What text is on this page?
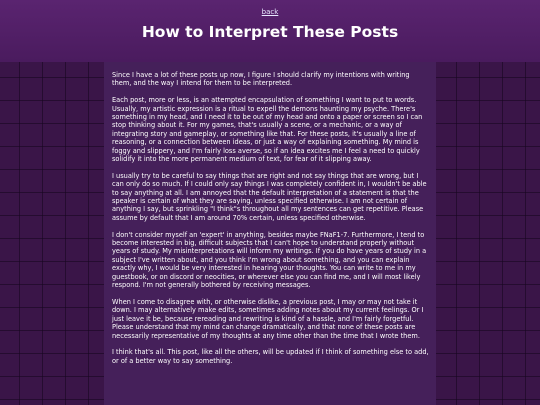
back
How to Interpret These Posts

Since I have a lot of these posts up now, I figure I should clarify my intentions with writing them, and the way I intend for them to be interpreted.

Each post, more or less, is an attempted encapsulation of something I want to put to words. Usually, my artistic expression is a ritual to expell the demons haunting my psyche. There's something in my head, and I need it to be out of my head and onto a paper or screen so I can stop thinking about it. For my games, that's usually a scene, or a mechanic, or a way of integrating story and gameplay, or something like that. For these posts, it's usually a line of reasoning, or a connection between ideas, or just a way of explaining something. My mind is foggy and slippery, and I'm fairly loss averse, so if an idea excites me I feel a need to quickly solidify it into the more permanent medium of text, for fear of it slipping away.

I usually try to be careful to say things that are right and not say things that are wrong, but I can only do so much. If I could only say things I was completely confident in, I wouldn't be able to say anything at all. I am annoyed that the default interpretation of a statement is that the speaker is certain of what they are saying, unless specified otherwise. I am not certain of anything I say, but sprinkling "I think"s throughout all my sentences can get repetitive. Please assume by default that I am around 70% certain, unless specified otherwise.

I don't consider myself an 'expert' in anything, besides maybe FNaF1-7. Furthermore, I tend to become interested in big, difficult subjects that I can't hope to understand properly without years of study. My misinterpretations will inform my writings. If you do have years of study in a subject I've written about, and you think I'm wrong about something, and you can explain exactly why, I would be very interested in hearing your thoughts. You can write to me in my guestbook, or on discord or neocities, or wherever else you can find me, and I will most likely respond. I'm not generally bothered by receiving messages.

When I come to disagree with, or otherwise dislike, a previous post, I may or may not take it down. I may alternatively make edits, sometimes adding notes about my current feelings. Or I just leave it be, because rereading and rewriting is kind of a hassle, and I'm fairly forgetful. Please understand that my mind can change dramatically, and that none of these posts are necessarily representative of my thoughts at any time other than the time that I wrote them.

I think that's all. This post, like all the others, will be updated if I think of something else to add, or of a better way to say something.
